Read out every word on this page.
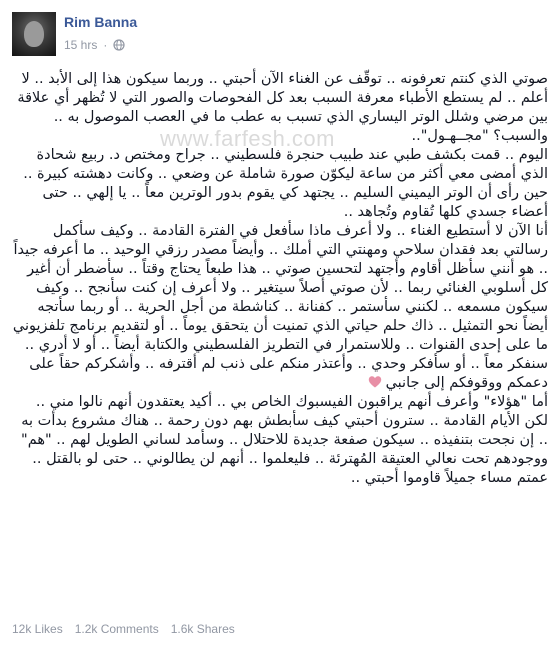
Rim Banna
15 hrs ·
www.farfesh.com

صوتي الذي كنتم تعرفونه .. توقّف عن الغناء الآن أحبتي .. وربما سيكون هذا إلى الأبد .. لا أعلم .. لم يستطع الأطباء معرفة السبب بعد كل الفحوصات والصور التي لا تُظهر أي علاقة بين مرضي وشلل الوتر اليساري الذي تسبب به عطب ما في العصب الموصول به .. والسبب؟ "مجــهـول"..

اليوم .. قمت بكشف طبي عند طبيب حنجرة فلسطيني .. جراح ومختص د. ربيع شحادة الذي أمضى معي أكثر من ساعة ليكوّن صورة شاملة عن وضعي .. وكانت دهشته كبيرة .. حين رأى أن الوتر اليميني السليم .. يجتهد كي يقوم بدور الوترين معاً .. يا إلهي .. حتى أعضاء جسدي كلها تُقاوم وتُجاهد ..

أنا الآن لا أستطيع الغناء .. ولا أعرف ماذا سأفعل في الفترة القادمة .. وكيف سأكمل رسالتي بعد فقدان سلاحي ومهنتي التي أملك .. وأيضاً مصدر رزقي الوحيد .. ما أعرفه جيداً .. هو أنني سأظل أقاوم وأجتهد لتحسين صوتي .. هذا طبعاً يحتاج وقتاً .. سأضطر أن أغير كل أسلوبي الغنائي ربما .. لأن صوتي أصلاً سيتغير .. ولا أعرف إن كنت سأنجح .. وكيف سيكون مسمعه .. لكنني سأستمر .. كفنانة .. كناشطة من أجل الحرية .. أو ربما سأتجه أيضاً نحو التمثيل .. ذاك حلم حياتي الذي تمنيت أن يتحقق يوماً .. أو لتقديم برنامج تلفزيوني ما على إحدى القنوات .. وللاستمرار في التطريز الفلسطيني والكتابة أيضاً .. أو لا أدري .. سنفكر معاً .. أو سأفكر وحدي .. وأعتذر منكم على ذنب لم أقترفه .. وأشكركم حقاً على دعمكم ووقوفكم إلى جانبي

أما "هؤلاء" وأعرف أنهم يراقبون الفيسبوك الخاص بي .. أكيد يعتقدون أنهم نالوا مني .. لكن الأيام القادمة .. سترون أحبتي كيف سأبطش بهم دون رحمة .. هناك مشروع بدأت به .. إن نجحت بتنفيذه .. سيكون صفعة جديدة للاحتلال .. وسأمد لساني الطويل لهم .. "هم" ووجودهم تحت نعالي العتيقة المُهترئة .. فليعلموا .. أنهم لن يطالوني .. حتى لو بالقتل ..

عمتم مساء جميلاً قاوموا أحبتي ..

12k Likes 1.2k Comments 1.6k Shares
